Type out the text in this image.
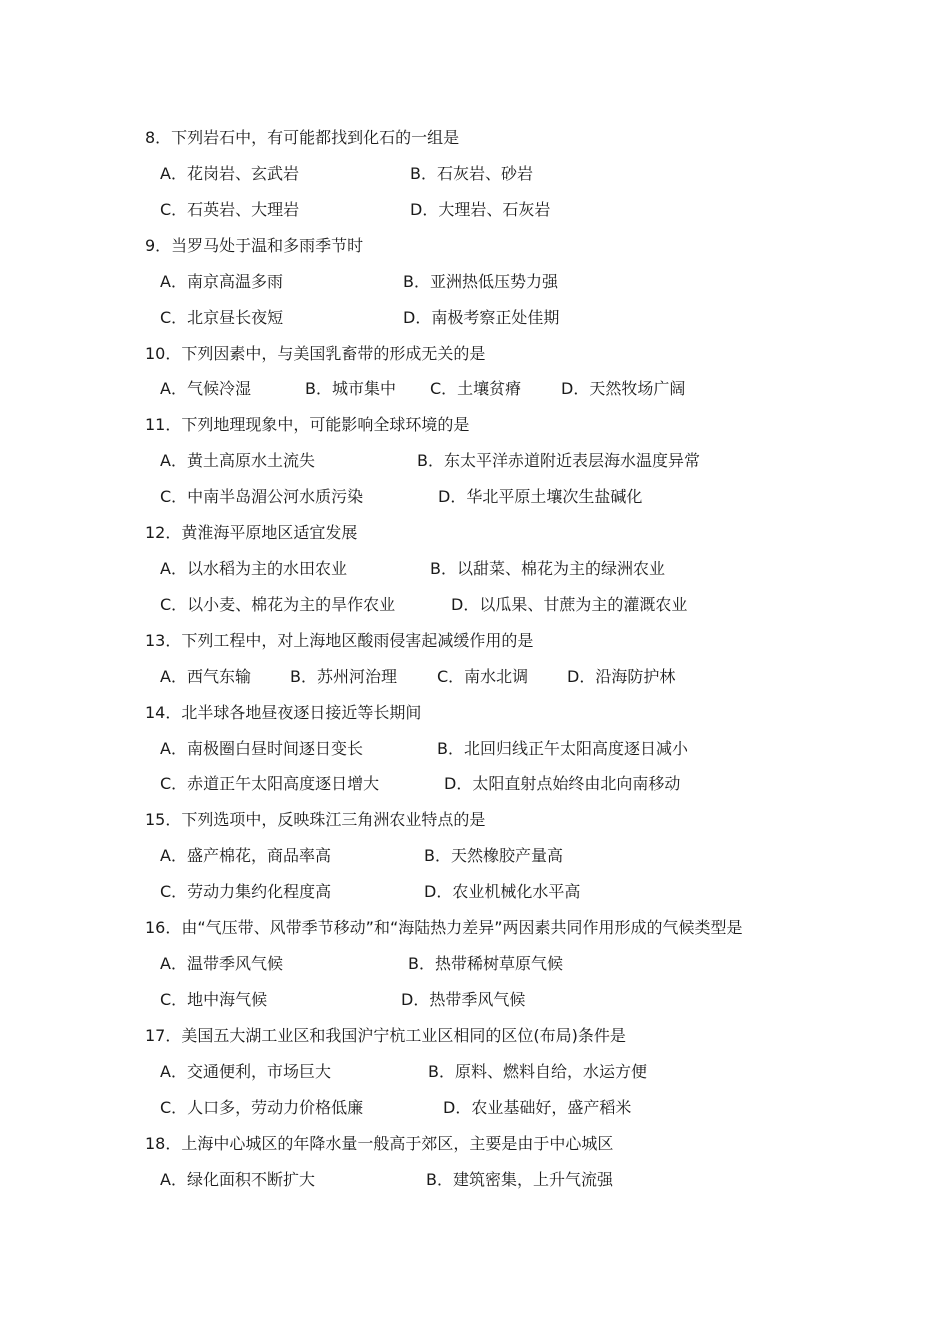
8．下列岩石中，有可能都找到化石的一组是
A．花岗岩、玄武岩	B．石灰岩、砂岩
C．石英岩、大理岩	D．大理岩、石灰岩
9．当罗马处于温和多雨季节时
A．南京高温多雨	B．亚洲热低压势力强
C．北京昼长夜短	D．南极考察正处佳期
10．下列因素中，与美国乳畜带的形成无关的是
A．气候冷湿	B．城市集中 C．土壤贫瘠 D．天然牧场广阔
11．下列地理现象中，可能影响全球环境的是
A．黄土高原水土流失	B．东太平洋赤道附近表层海水温度异常
C．中南半岛湄公河水质污染	D．华北平原土壤次生盐碱化
12．黄淮海平原地区适宜发展
A．以水稻为主的水田农业	B．以甜菜、棉花为主的绿洲农业
C．以小麦、棉花为主的旱作农业	D．以瓜果、甘蔗为主的灌溉农业
13．下列工程中，对上海地区酸雨侵害起减缓作用的是
A．西气东输 B．苏州河治理	C．南水北调 D．沿海防护林
14．北半球各地昼夜逐日接近等长期间
A．南极圈白昼时间逐日变长	B．北回归线正午太阳高度逐日减小
C．赤道正午太阳高度逐日增大	D．太阳直射点始终由北向南移动
15．下列选项中，反映珠江三角洲农业特点的是
A．盛产棉花，商品率高	B．天然橡胶产量高
C．劳动力集约化程度高	D．农业机械化水平高
16．由“气压带、风带季节移动”和“海陆热力差异”两因素共同作用形成的气候类型是
A．温带季风气候	B．热带稀树草原气候
C．地中海气候	D．热带季风气候
17．美国五大湖工业区和我国沪宁杭工业区相同的区位(布局)条件是
A．交通便利，市场巨大	B．原料、燃料自给，水运方便
C．人口多，劳动力价格低廉	D．农业基础好，盛产稻米
18．上海中心城区的年降水量一般高于郊区，主要是由于中心城区
A．绿化面积不断扩大	B．建筑密集，上升气流强
